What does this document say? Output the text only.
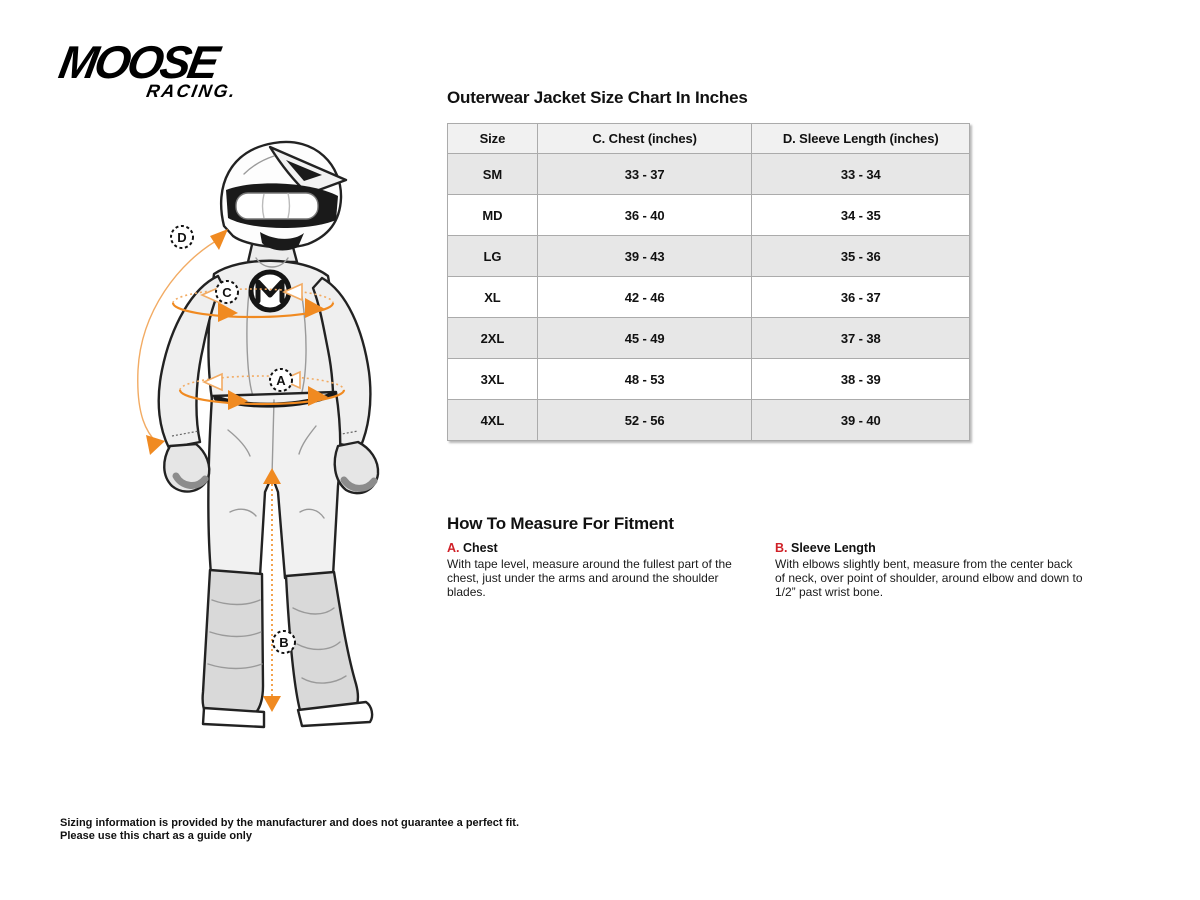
MOOSE
RACING.
D
C
A
B
Outerwear Jacket Size Chart In Inches
Size	C. Chest (inches)	D. Sleeve Length (inches)
SM	33 - 37	33 - 34
MD	36 - 40	34 - 35
LG	39 - 43	35 - 36
XL	42 - 46	36 - 37
2XL	45 - 49	37 - 38
3XL	48 - 53	38 - 39
4XL	52 - 56	39 - 40
How To Measure For Fitment
A. Chest

With tape level, measure around the fullest part of the chest, just under the arms and around the shoulder blades.

B. Sleeve Length

With elbows slightly bent, measure from the center back of neck, over point of shoulder, around elbow and down to 1/2” past wrist bone.

Sizing information is provided by the manufacturer and does not guarantee a perfect fit.
Please use this chart as a guide only
